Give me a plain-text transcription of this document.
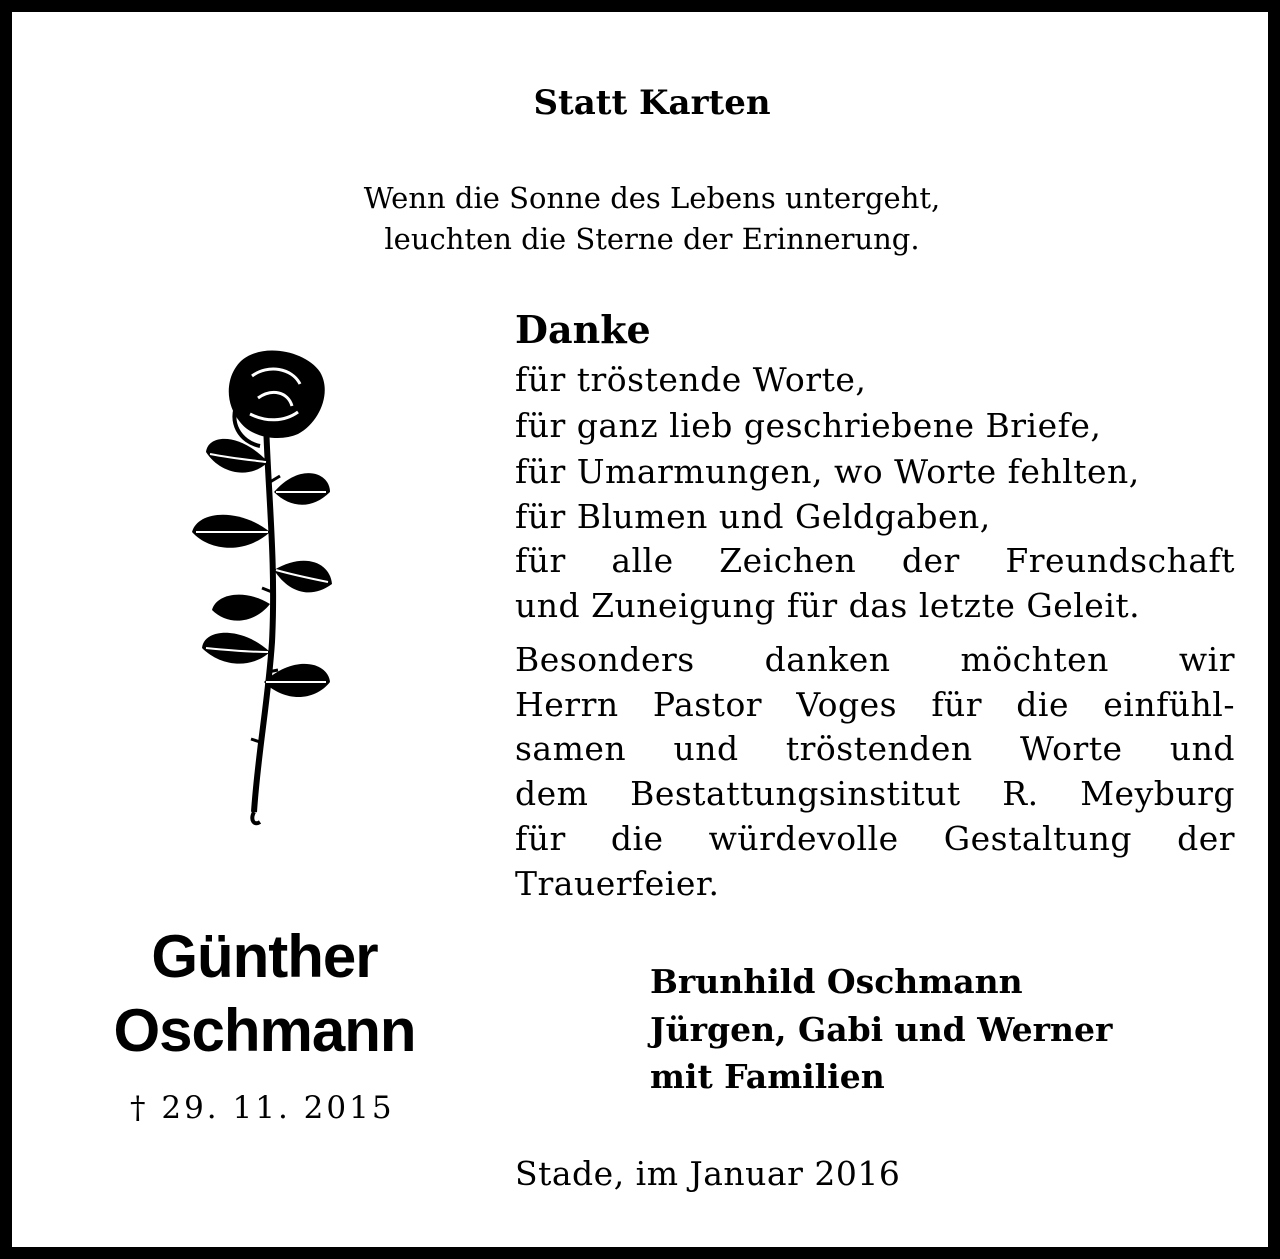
Statt Karten

Wenn die Sonne des Lebens untergeht,

leuchten die Sterne der Erinnerung.

Danke

für tröstende Worte,

für ganz lieb geschriebene Briefe,

für Umarmungen, wo Worte fehlten,

für Blumen und Geldgaben,

für alle Zeichen der Freundschaft

und Zuneigung für das letzte Geleit.

Besonders danken möchten wir

Herrn Pastor Voges für die einfühl-

samen und tröstenden Worte und

dem Bestattungsinstitut R. Meyburg

für die würdevolle Gestaltung der

Trauerfeier.

Günther

Oschmann

† 29. 11. 2015

Brunhild Oschmann

Jürgen, Gabi und Werner

mit Familien

Stade, im Januar 2016
